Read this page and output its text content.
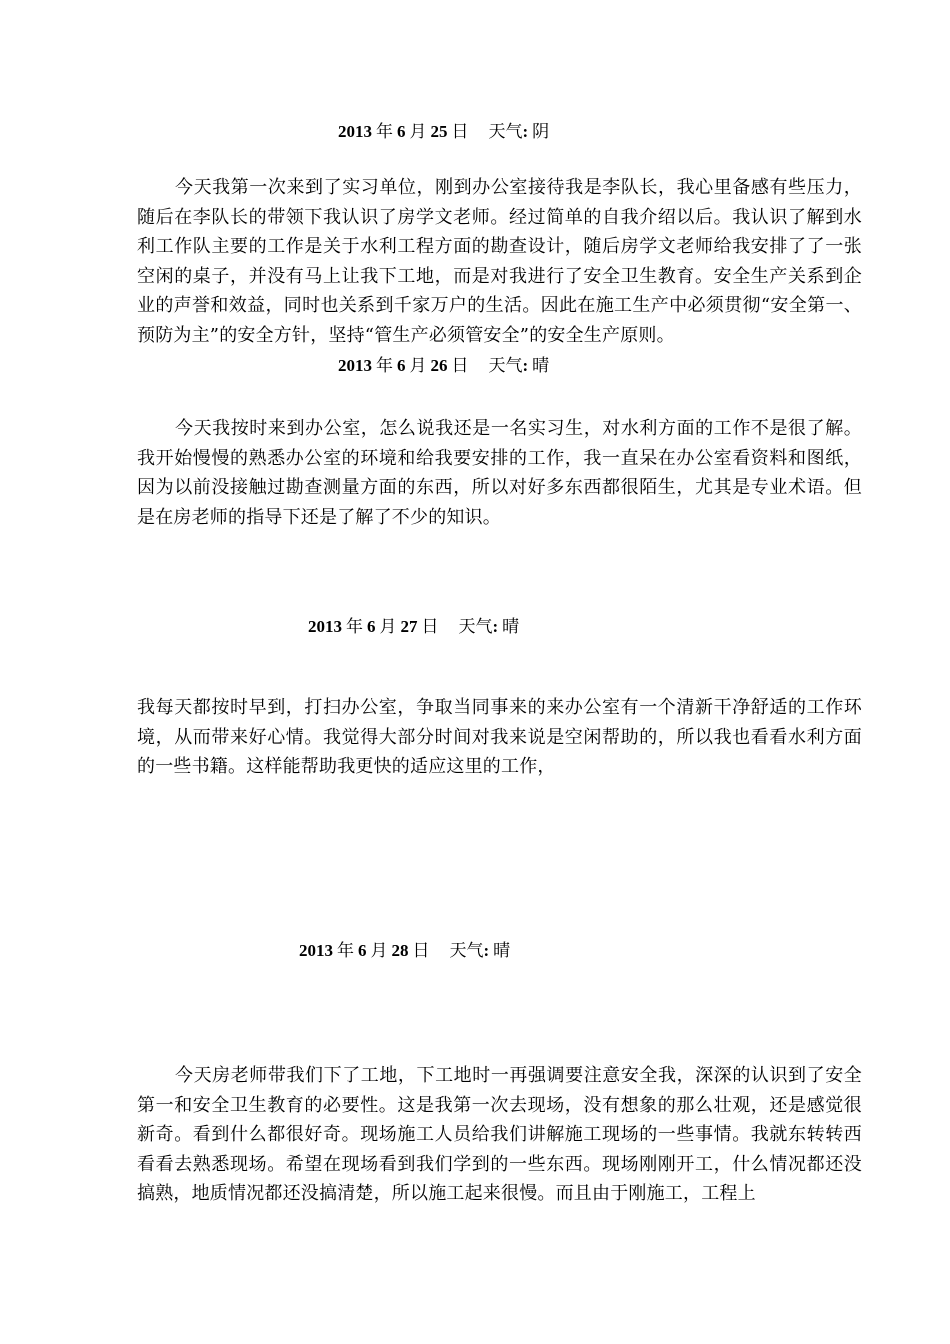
2013 年 6 月 25 日 天气: 阴
今天我第一次来到了实习单位，刚到办公室接待我是李队长，我心里备感有些压力，随后在李队长的带领下我认识了房学文老师。经过简单的自我介绍以后。我认识了解到水利工作队主要的工作是关于水利工程方面的勘查设计，随后房学文老师给我安排了了一张空闲的桌子，并没有马上让我下工地，而是对我进行了安全卫生教育。安全生产关系到企业的声誉和效益，同时也关系到千家万户的生活。因此在施工生产中必须贯彻“安全第一、预防为主”的安全方针，坚持“管生产必须管安全”的安全生产原则。
2013 年 6 月 26 日 天气: 晴
今天我按时来到办公室，怎么说我还是一名实习生，对水利方面的工作不是很了解。我开始慢慢的熟悉办公室的环境和给我要安排的工作，我一直呆在办公室看资料和图纸，因为以前没接触过勘查测量方面的东西，所以对好多东西都很陌生，尤其是专业术语。但是在房老师的指导下还是了解了不少的知识。
2013 年 6 月 27 日 天气: 晴
我每天都按时早到，打扫办公室，争取当同事来的来办公室有一个清新干净舒适的工作环境，从而带来好心情。我觉得大部分时间对我来说是空闲帮助的，所以我也看看水利方面的一些书籍。这样能帮助我更快的适应这里的工作，
2013 年 6 月 28 日 天气: 晴
今天房老师带我们下了工地，下工地时一再强调要注意安全我，深深的认识到了安全第一和安全卫生教育的必要性。这是我第一次去现场，没有想象的那么壮观，还是感觉很新奇。看到什么都很好奇。现场施工人员给我们讲解施工现场的一些事情。我就东转转西看看去熟悉现场。希望在现场看到我们学到的一些东西。现场刚刚开工，什么情况都还没搞熟，地质情况都还没搞清楚，所以施工起来很慢。而且由于刚施工，工程上
